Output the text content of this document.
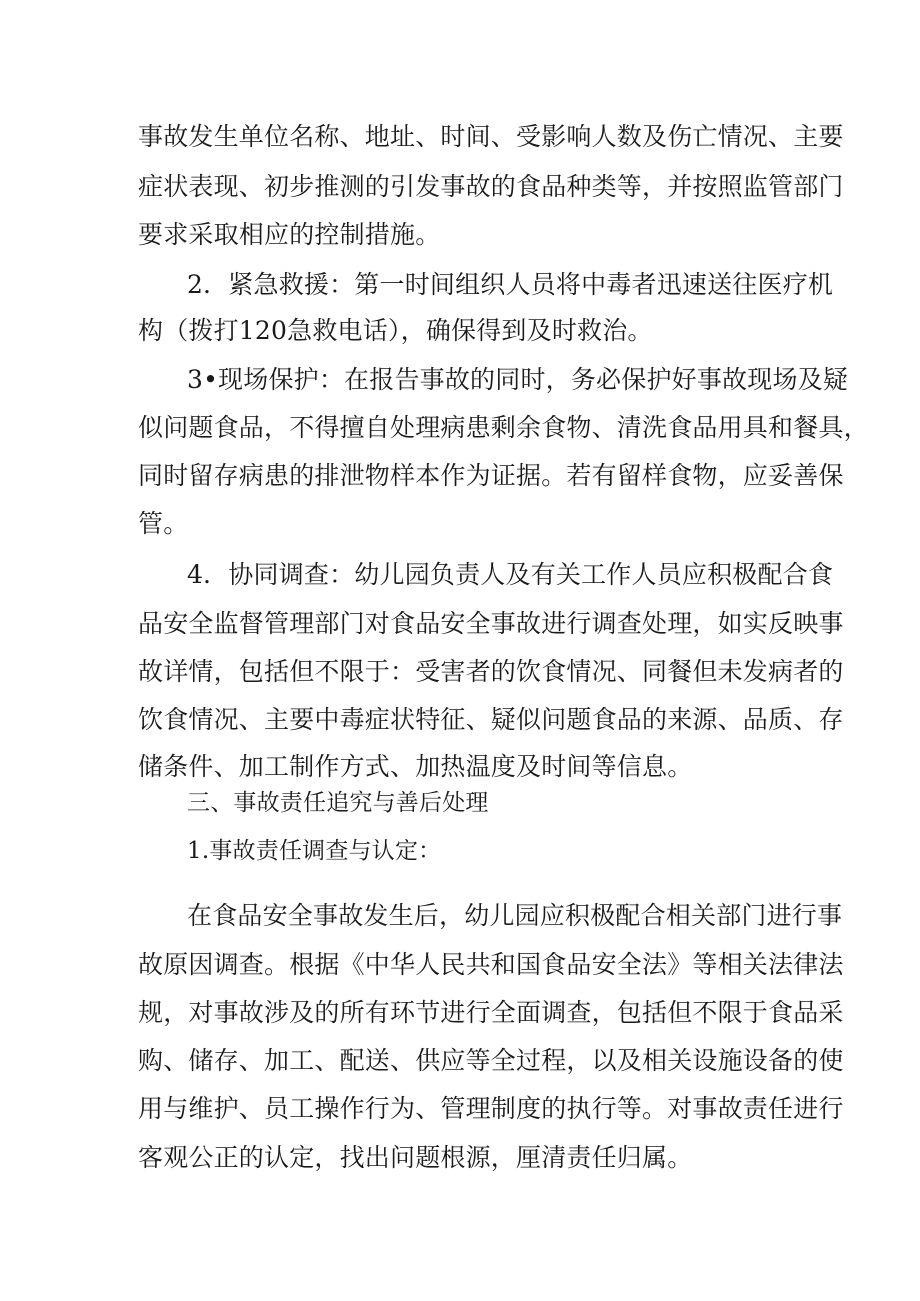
事故发生单位名称、地址、时间、受影响人数及伤亡情况、主要
症状表现、初步推测的引发事故的食品种类等，并按照监管部门
要求采取相应的控制措施。
2．紧急救援：第一时间组织人员将中毒者迅速送往医疗机
构（拨打120急救电话），确保得到及时救治。
3•现场保护：在报告事故的同时，务必保护好事故现场及疑
似问题食品，不得擅自处理病患剩余食物、清洗食品用具和餐具，
同时留存病患的排泄物样本作为证据。若有留样食物，应妥善保
管。
4．协同调查：幼儿园负责人及有关工作人员应积极配合食
品安全监督管理部门对食品安全事故进行调查处理，如实反映事
故详情，包括但不限于：受害者的饮食情况、同餐但未发病者的
饮食情况、主要中毒症状特征、疑似问题食品的来源、品质、存
储条件、加工制作方式、加热温度及时间等信息。
三、事故责任追究与善后处理
1.事故责任调查与认定：
在食品安全事故发生后，幼儿园应积极配合相关部门进行事
故原因调查。根据《中华人民共和国食品安全法》等相关法律法
规，对事故涉及的所有环节进行全面调查，包括但不限于食品采
购、储存、加工、配送、供应等全过程，以及相关设施设备的使
用与维护、员工操作行为、管理制度的执行等。对事故责任进行
客观公正的认定，找出问题根源，厘清责任归属。
